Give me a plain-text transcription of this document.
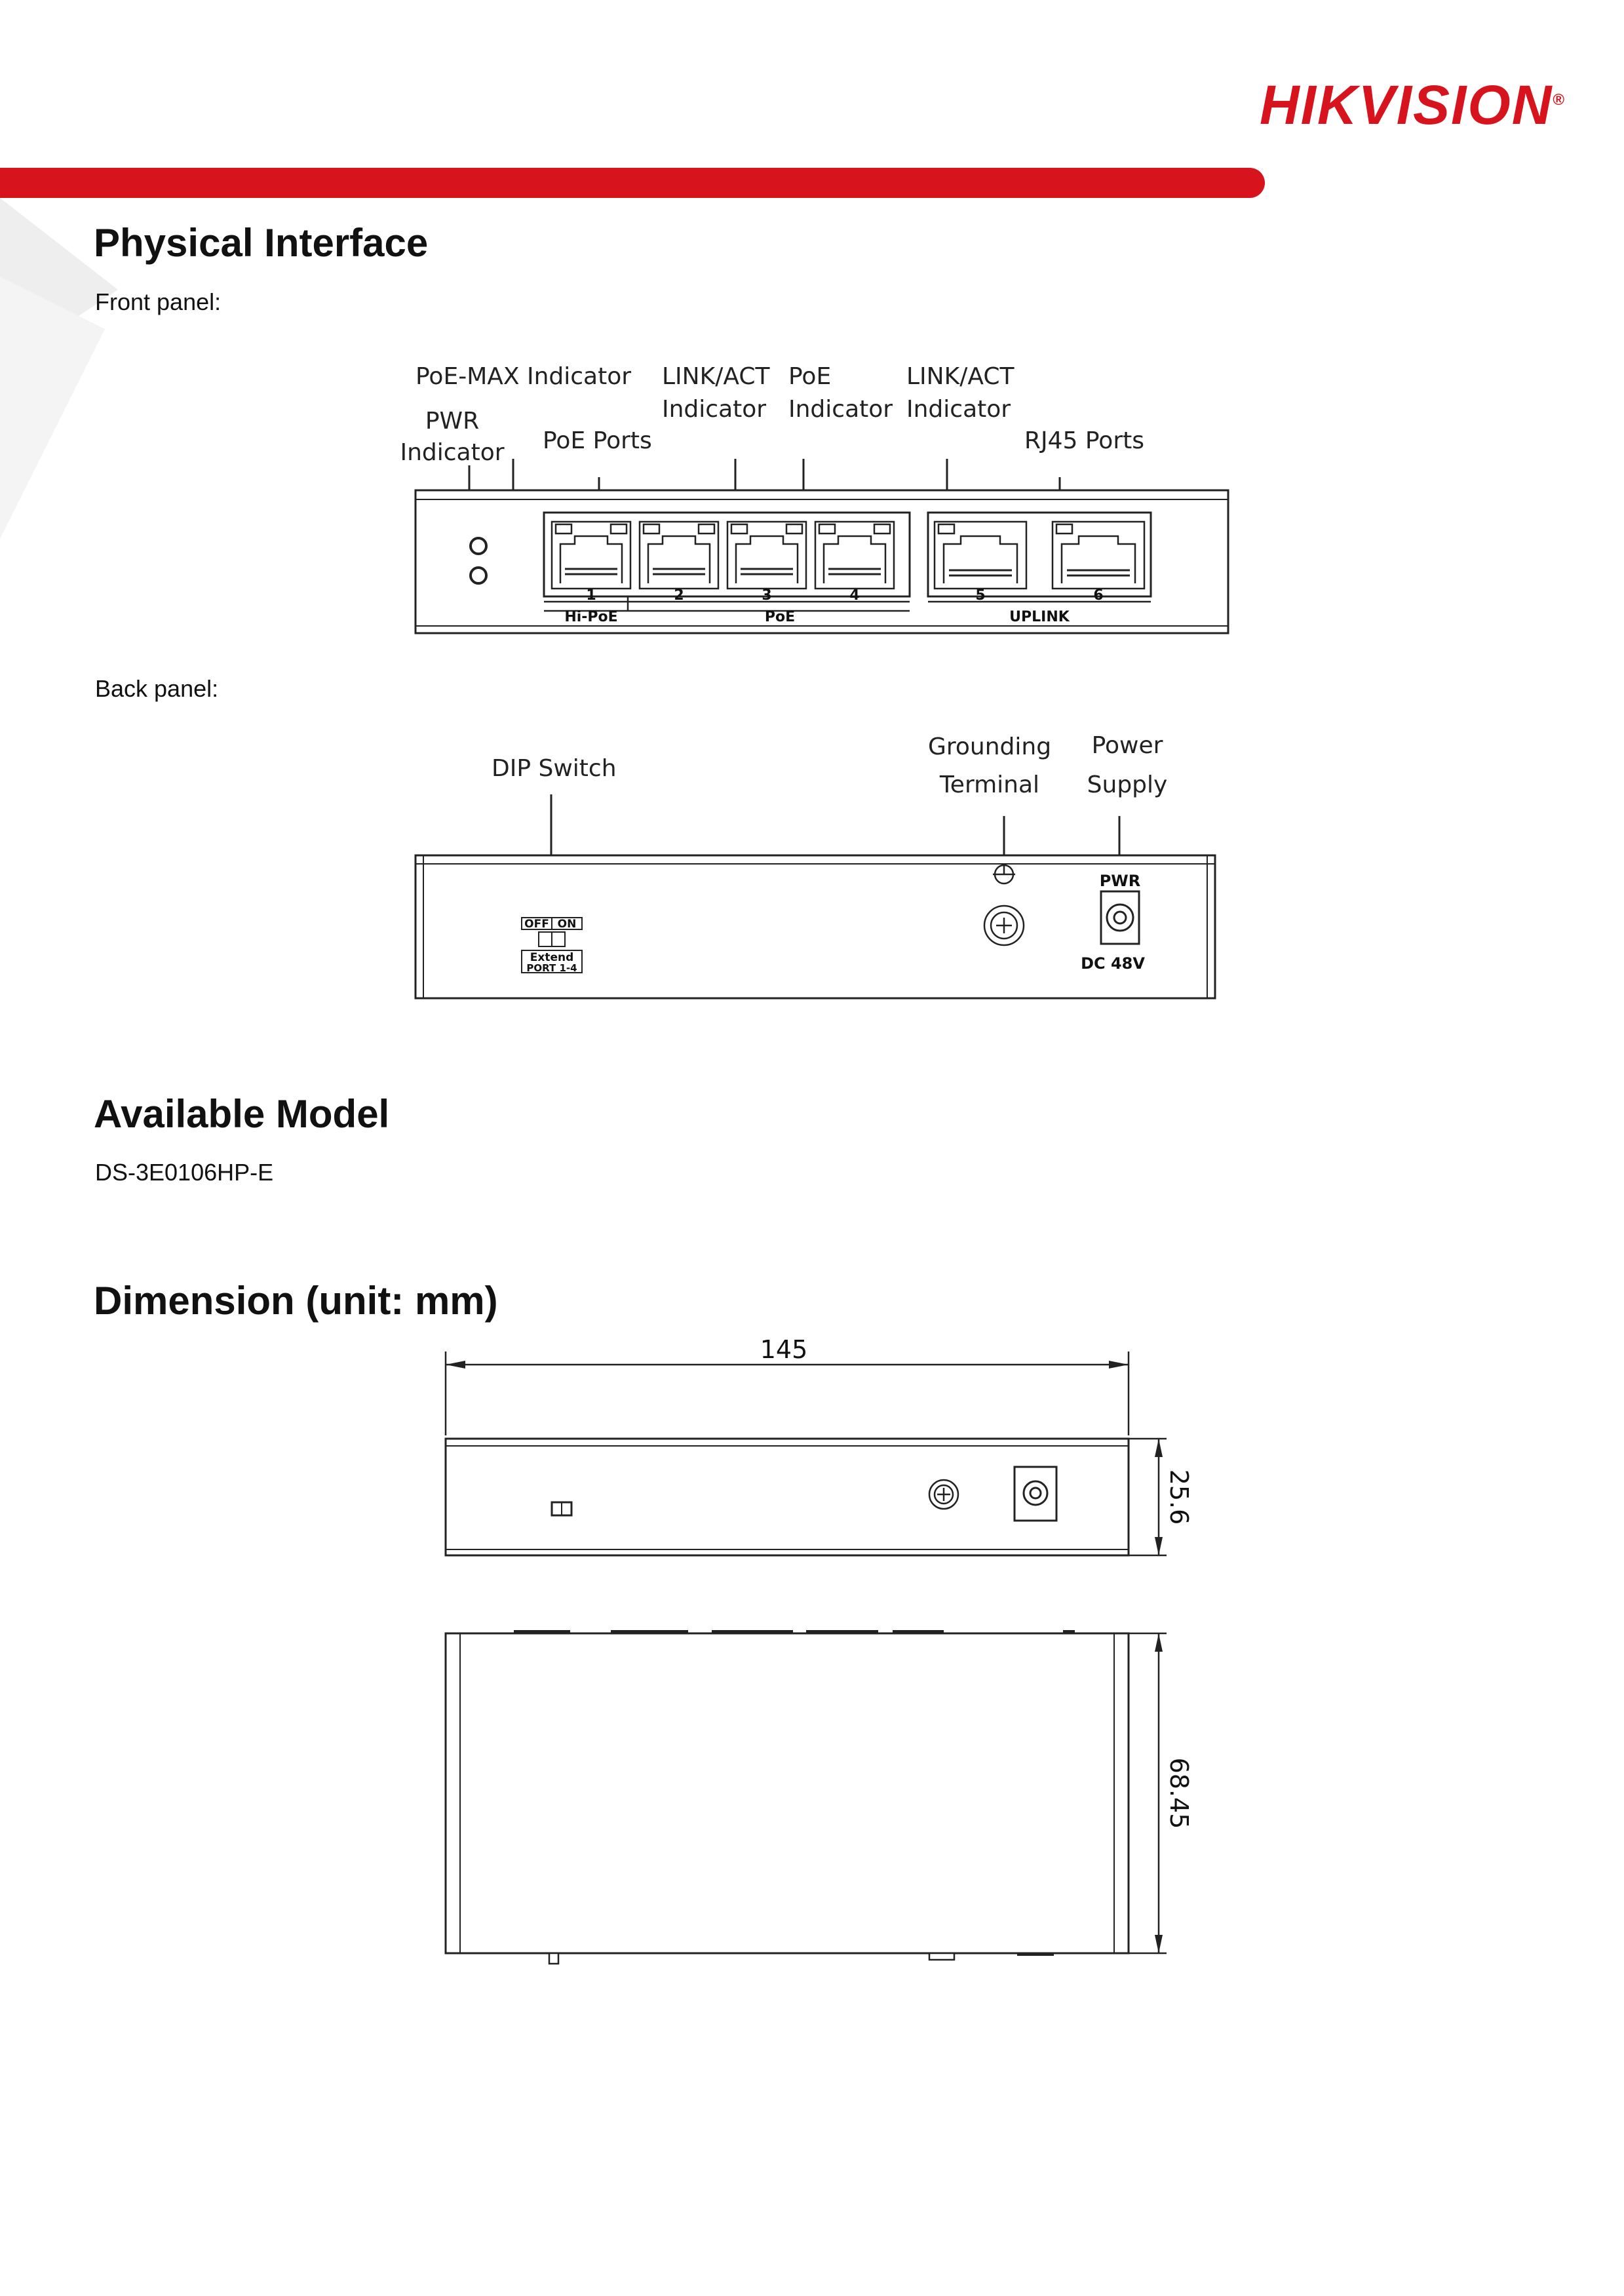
HIKVISION®
Physical Interface
Front panel:
PoE-MAX Indicator
PWR
Indicator
LINK/ACT
Indicator
PoE
Indicator
LINK/ACT
Indicator
PoE Ports	RJ45 Ports
1	2	3	4	5	6
Hi-PoE	PoE	UPLINK
Back panel:
DIP Switch
Grounding
Terminal
Power
Supply
OFF ON
Extend
PORT 1-4
PWR
DC 48V
Available Model
DS-3E0106HP-E
Dimension (unit: mm)
145
25.6
68.45
